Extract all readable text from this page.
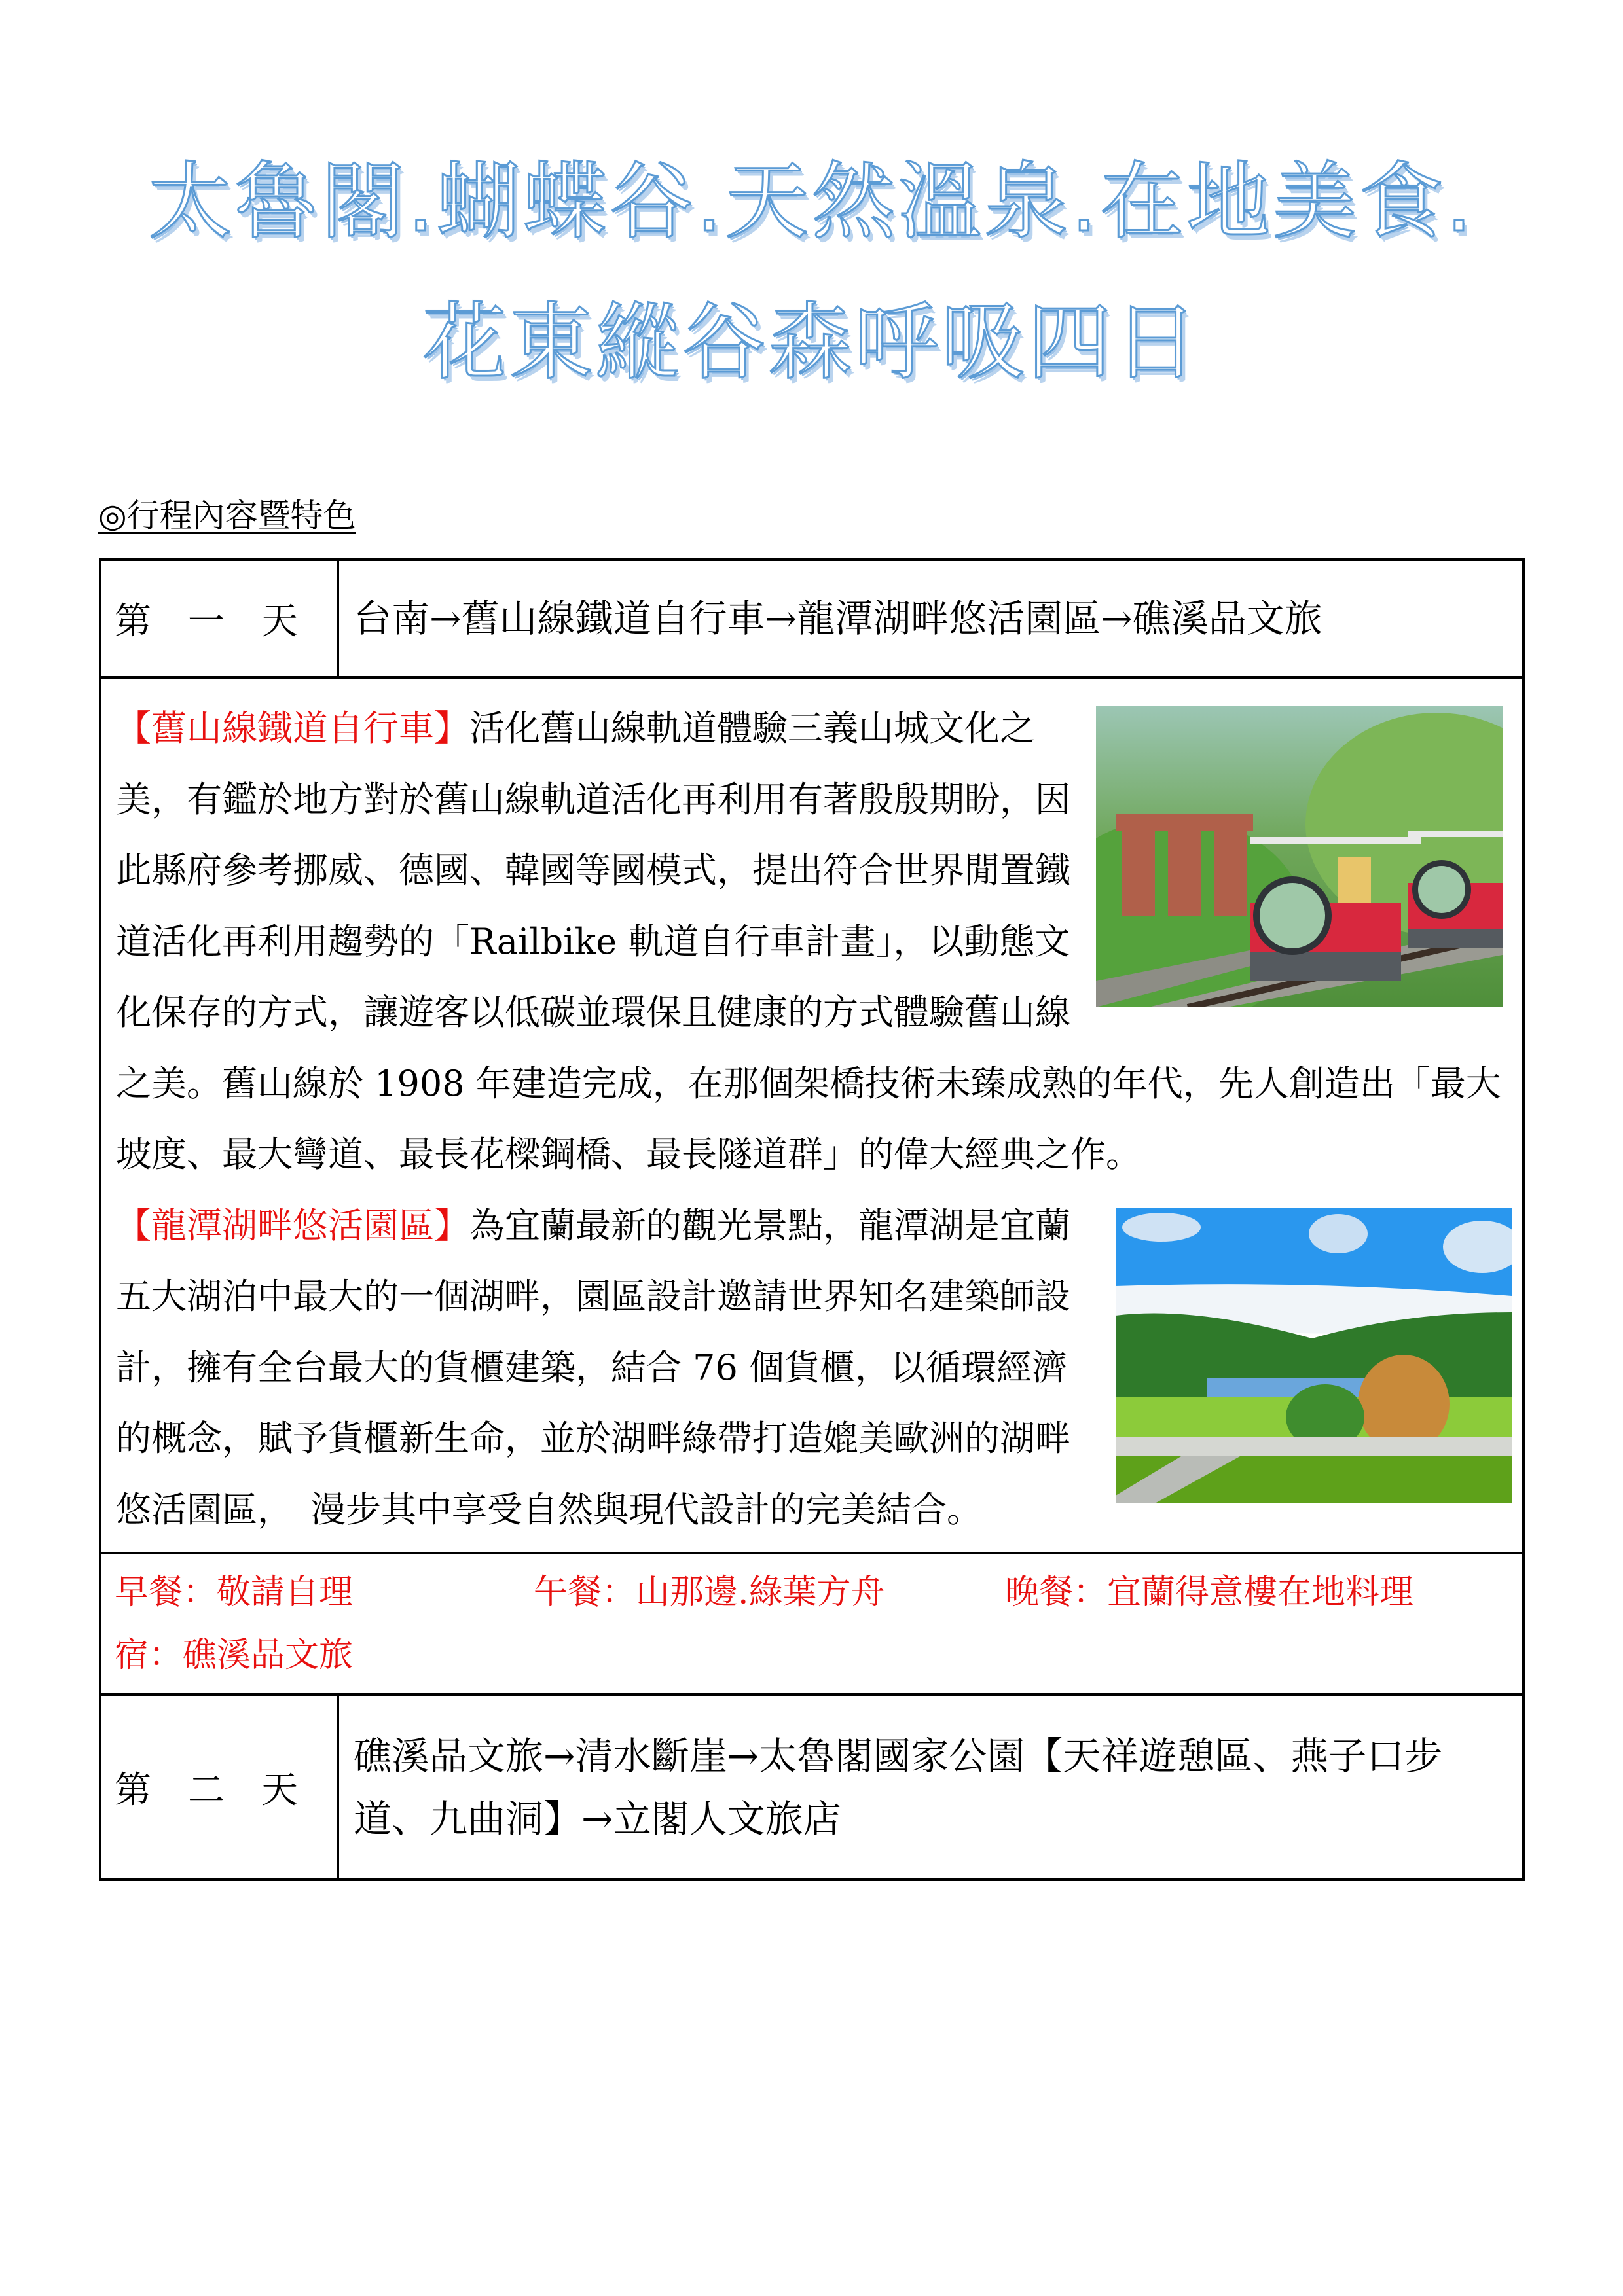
太魯閣.蝴蝶谷.天然溫泉.在地美食.
花東縱谷森呼吸四日
◎行程內容暨特色
第　一　天	台南→舊山線鐵道自行車→龍潭湖畔悠活園區→礁溪品文旅

【舊山線鐵道自行車】活化舊山線軌道體驗三義山城文化之美，有鑑於地方對於舊山線軌道活化再利用有著殷殷期盼，因此縣府參考挪威、德國、韓國等國模式，提出符合世界閒置鐵道活化再利用趨勢的「Railbike 軌道自行車計畫」，以動態文化保存的方式，讓遊客以低碳並環保且健康的方式體驗舊山線之美。舊山線於 1908 年建造完成，在那個架橋技術未臻成熟的年代，先人創造出「最大坡度、最大彎道、最長花樑鋼橋、最長隧道群」的偉大經典之作。

【龍潭湖畔悠活園區】為宜蘭最新的觀光景點，龍潭湖是宜蘭五大湖泊中最大的一個湖畔，園區設計邀請世界知名建築師設計，擁有全台最大的貨櫃建築，結合 76 個貨櫃，以循環經濟的概念，賦予貨櫃新生命，並於湖畔綠帶打造媲美歐洲的湖畔悠活園區，　漫步其中享受自然與現代設計的完美結合。	

早餐：敬請自理 午餐：山那邊.綠葉方舟 晚餐：宜蘭得意樓在地料理
宿：礁溪品文旅	

第　二　天	礁溪品文旅→清水斷崖→太魯閣國家公園【天祥遊憩區、燕子口步道、九曲洞】→立閣人文旅店
